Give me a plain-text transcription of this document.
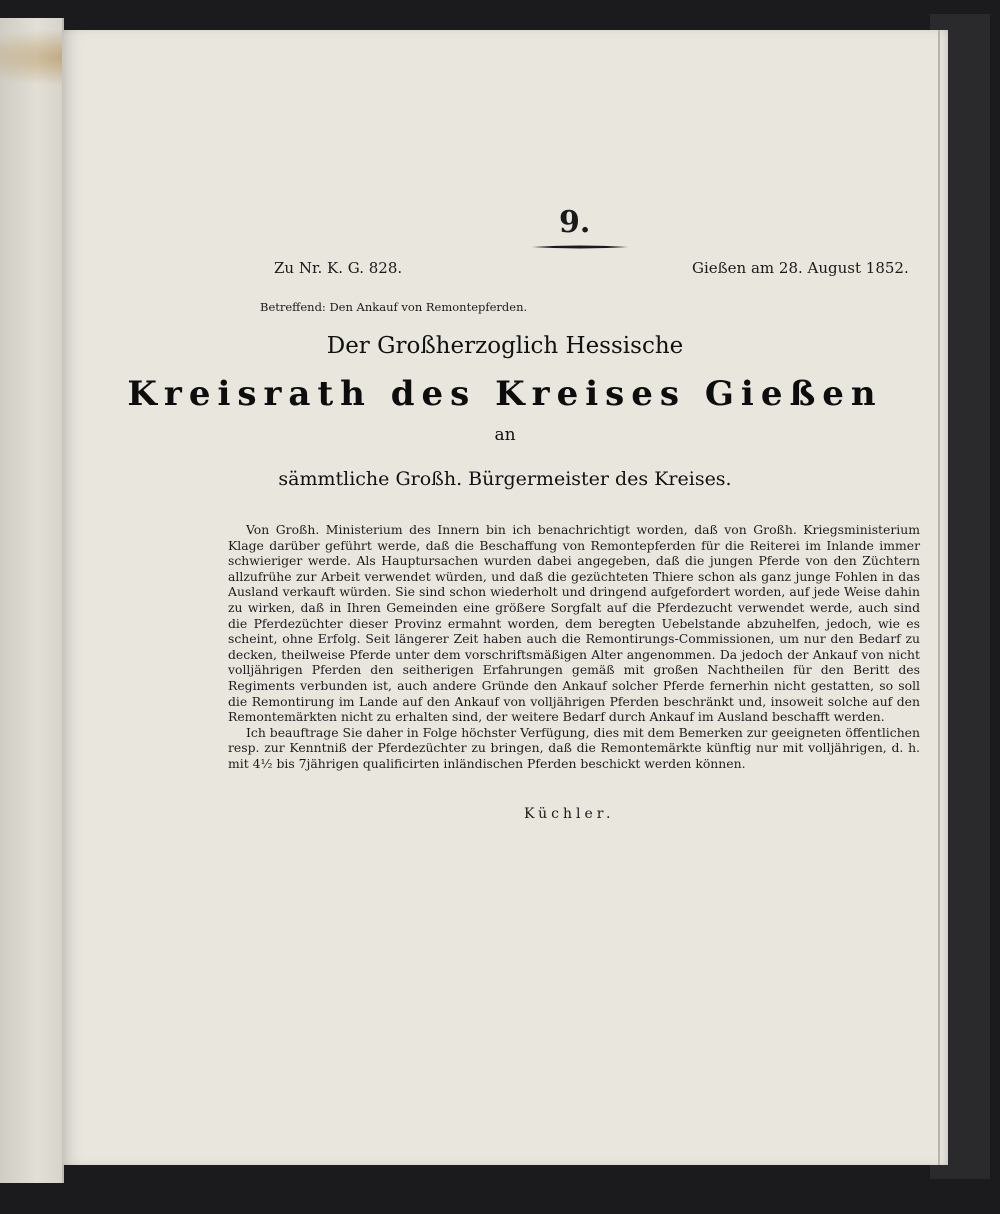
9.
Zu Nr. K. G. 828.	Gießen am 28. August 1852.
Betreffend: Den Ankauf von Remontepferden.
Der Großherzoglich Hessische
Kreisrath des Kreises Gießen
an
sämmtliche Großh. Bürgermeister des Kreises.

Von Großh. Ministerium des Innern bin ich benachrichtigt worden, daß von Großh. Kriegsministerium Klage darüber geführt werde, daß die Beschaffung von Remontepferden für die Reiterei im Inlande immer schwieriger werde. Als Hauptursachen wurden dabei angegeben, daß die jungen Pferde von den Züchtern allzufrühe zur Arbeit verwendet würden, und daß die gezüchteten Thiere schon als ganz junge Fohlen in das Ausland verkauft würden. Sie sind schon wiederholt und dringend aufgefordert worden, auf jede Weise dahin zu wirken, daß in Ihren Gemeinden eine größere Sorgfalt auf die Pferdezucht verwendet werde, auch sind die Pferdezüchter dieser Provinz ermahnt worden, dem beregten Uebelstande abzuhelfen, jedoch, wie es scheint, ohne Erfolg. Seit längerer Zeit haben auch die Remontirungs-Commissionen, um nur den Bedarf zu decken, theilweise Pferde unter dem vorschriftsmäßigen Alter angenommen. Da jedoch der Ankauf von nicht volljährigen Pferden den seitherigen Erfahrungen gemäß mit großen Nachtheilen für den Beritt des Regiments verbunden ist, auch andere Gründe den Ankauf solcher Pferde fernerhin nicht gestatten, so soll die Remontirung im Lande auf den Ankauf von volljährigen Pferden beschränkt und, insoweit solche auf den Remontemärkten nicht zu erhalten sind, der weitere Bedarf durch Ankauf im Ausland beschafft werden.

Ich beauftrage Sie daher in Folge höchster Verfügung, dies mit dem Bemerken zur geeigneten öffentlichen resp. zur Kenntniß der Pferdezüchter zu bringen, daß die Remontemärkte künftig nur mit volljährigen, d. h. mit 4½ bis 7jährigen qualificirten inländischen Pferden beschickt werden können.

Küchler.
